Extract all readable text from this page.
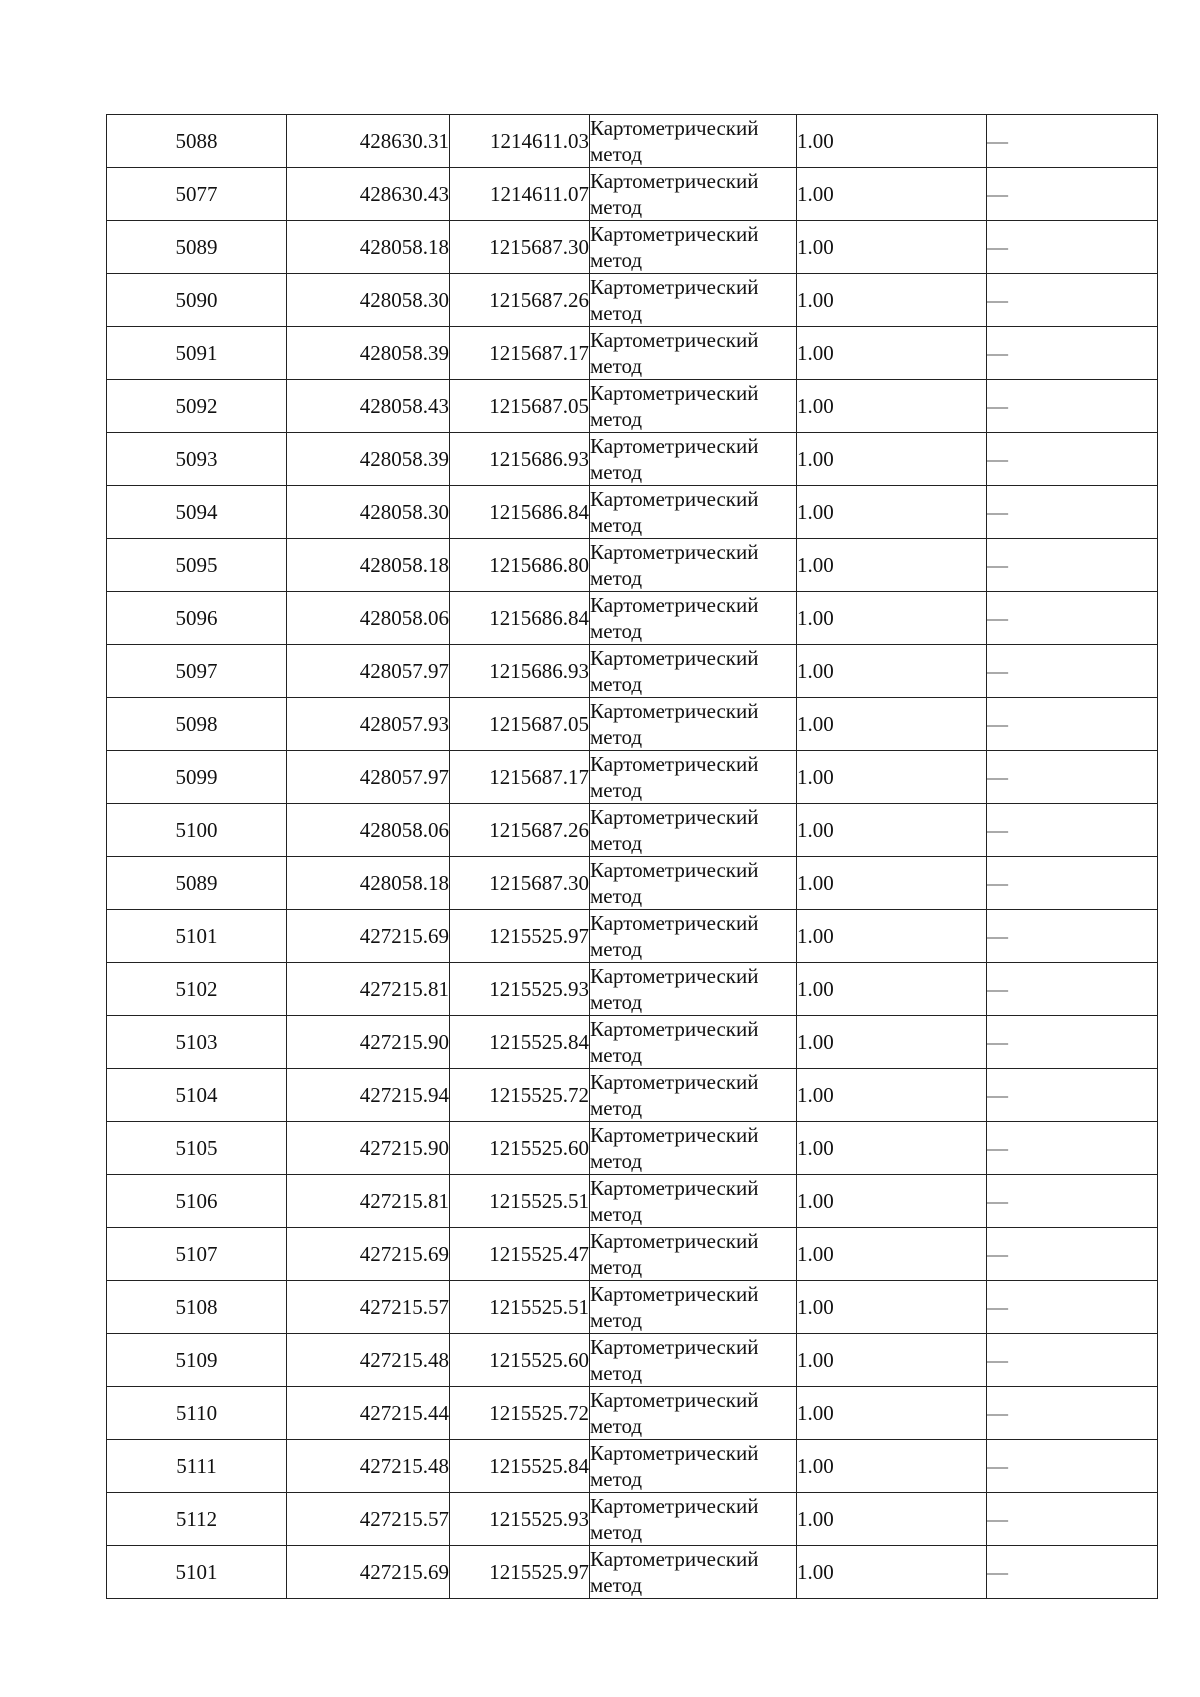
5088	428630.31	1214611.03	Картометрический
метод	1.00	—
5077	428630.43	1214611.07	Картометрический
метод	1.00	—
5089	428058.18	1215687.30	Картометрический
метод	1.00	—
5090	428058.30	1215687.26	Картометрический
метод	1.00	—
5091	428058.39	1215687.17	Картометрический
метод	1.00	—
5092	428058.43	1215687.05	Картометрический
метод	1.00	—
5093	428058.39	1215686.93	Картометрический
метод	1.00	—
5094	428058.30	1215686.84	Картометрический
метод	1.00	—
5095	428058.18	1215686.80	Картометрический
метод	1.00	—
5096	428058.06	1215686.84	Картометрический
метод	1.00	—
5097	428057.97	1215686.93	Картометрический
метод	1.00	—
5098	428057.93	1215687.05	Картометрический
метод	1.00	—
5099	428057.97	1215687.17	Картометрический
метод	1.00	—
5100	428058.06	1215687.26	Картометрический
метод	1.00	—
5089	428058.18	1215687.30	Картометрический
метод	1.00	—
5101	427215.69	1215525.97	Картометрический
метод	1.00	—
5102	427215.81	1215525.93	Картометрический
метод	1.00	—
5103	427215.90	1215525.84	Картометрический
метод	1.00	—
5104	427215.94	1215525.72	Картометрический
метод	1.00	—
5105	427215.90	1215525.60	Картометрический
метод	1.00	—
5106	427215.81	1215525.51	Картометрический
метод	1.00	—
5107	427215.69	1215525.47	Картометрический
метод	1.00	—
5108	427215.57	1215525.51	Картометрический
метод	1.00	—
5109	427215.48	1215525.60	Картометрический
метод	1.00	—
5110	427215.44	1215525.72	Картометрический
метод	1.00	—
5111	427215.48	1215525.84	Картометрический
метод	1.00	—
5112	427215.57	1215525.93	Картометрический
метод	1.00	—
5101	427215.69	1215525.97	Картометрический
метод	1.00	—
